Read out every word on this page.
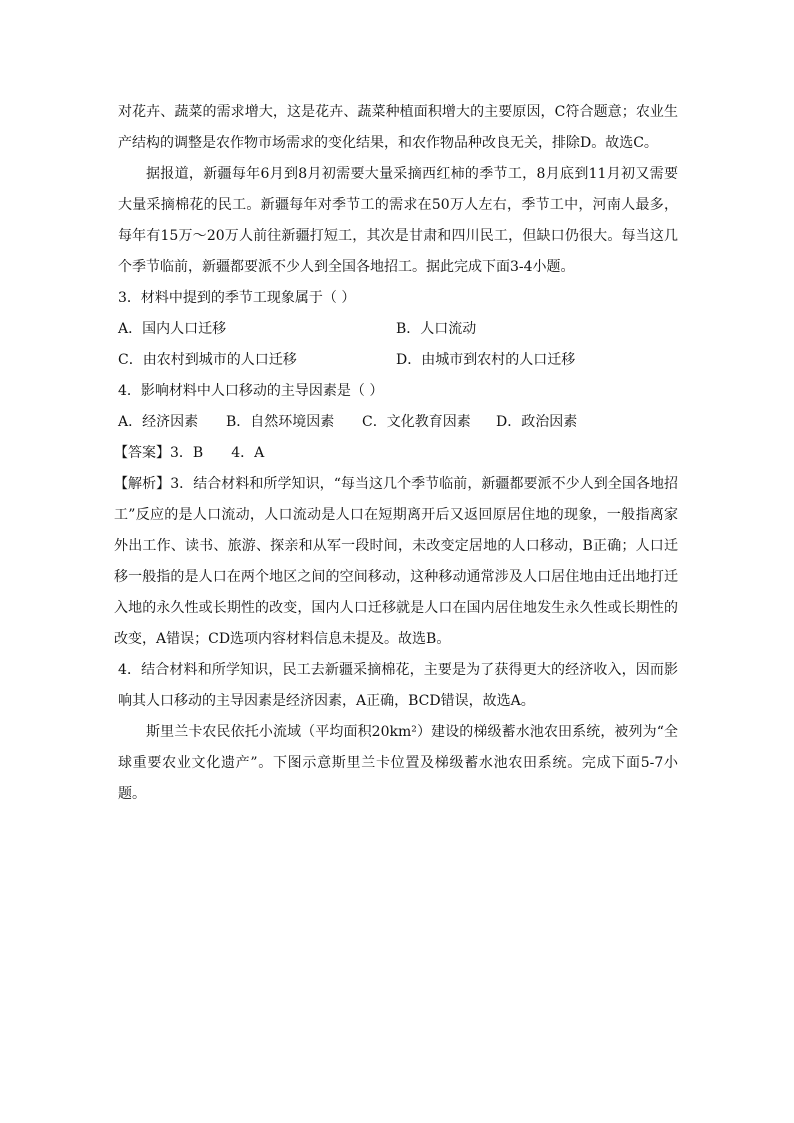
对花卉、蔬菜的需求增大，这是花卉、蔬菜种植面积增大的主要原因，C符合题意；农业生产结构的调整是农作物市场需求的变化结果，和农作物品种改良无关，排除D。故选C。

据报道，新疆每年6月到8月初需要大量采摘西红柿的季节工，8月底到11月初又需要大量采摘棉花的民工。新疆每年对季节工的需求在50万人左右，季节工中，河南人最多，每年有15万～20万人前往新疆打短工，其次是甘肃和四川民工，但缺口仍很大。每当这几个季节临前，新疆都要派不少人到全国各地招工。据此完成下面3-4小题。

3．材料中提到的季节工现象属于（ ）
A．国内人口迁移	B．人口流动
C．由农村到城市的人口迁移	D．由城市到农村的人口迁移
4．影响材料中人口移动的主导因素是（ ）
A．经济因素	B．自然环境因素	C．文化教育因素	D．政治因素
【答案】 3．B 4．A

【解析】3．结合材料和所学知识，“每当这几个季节临前，新疆都要派不少人到全国各地招工”反应的是人口流动，人口流动是人口在短期离开后又返回原居住地的现象，一般指离家外出工作、读书、旅游、探亲和从军一段时间，未改变定居地的人口移动，B正确；人口迁移一般指的是人口在两个地区之间的空间移动，这种移动通常涉及人口居住地由迁出地打迁入地的永久性或长期性的改变，国内人口迁移就是人口在国内居住地发生永久性或长期性的改变，A错误；CD选项内容材料信息未提及。故选B。

4．结合材料和所学知识，民工去新疆采摘棉花，主要是为了获得更大的经济收入，因而影响其人口移动的主导因素是经济因素，A正确，BCD错误，故选A。

斯里兰卡农民依托小流域（平均面积20km²）建设的梯级蓄水池农田系统，被列为“全球重要农业文化遗产”。下图示意斯里兰卡位置及梯级蓄水池农田系统。完成下面5-7小题。
